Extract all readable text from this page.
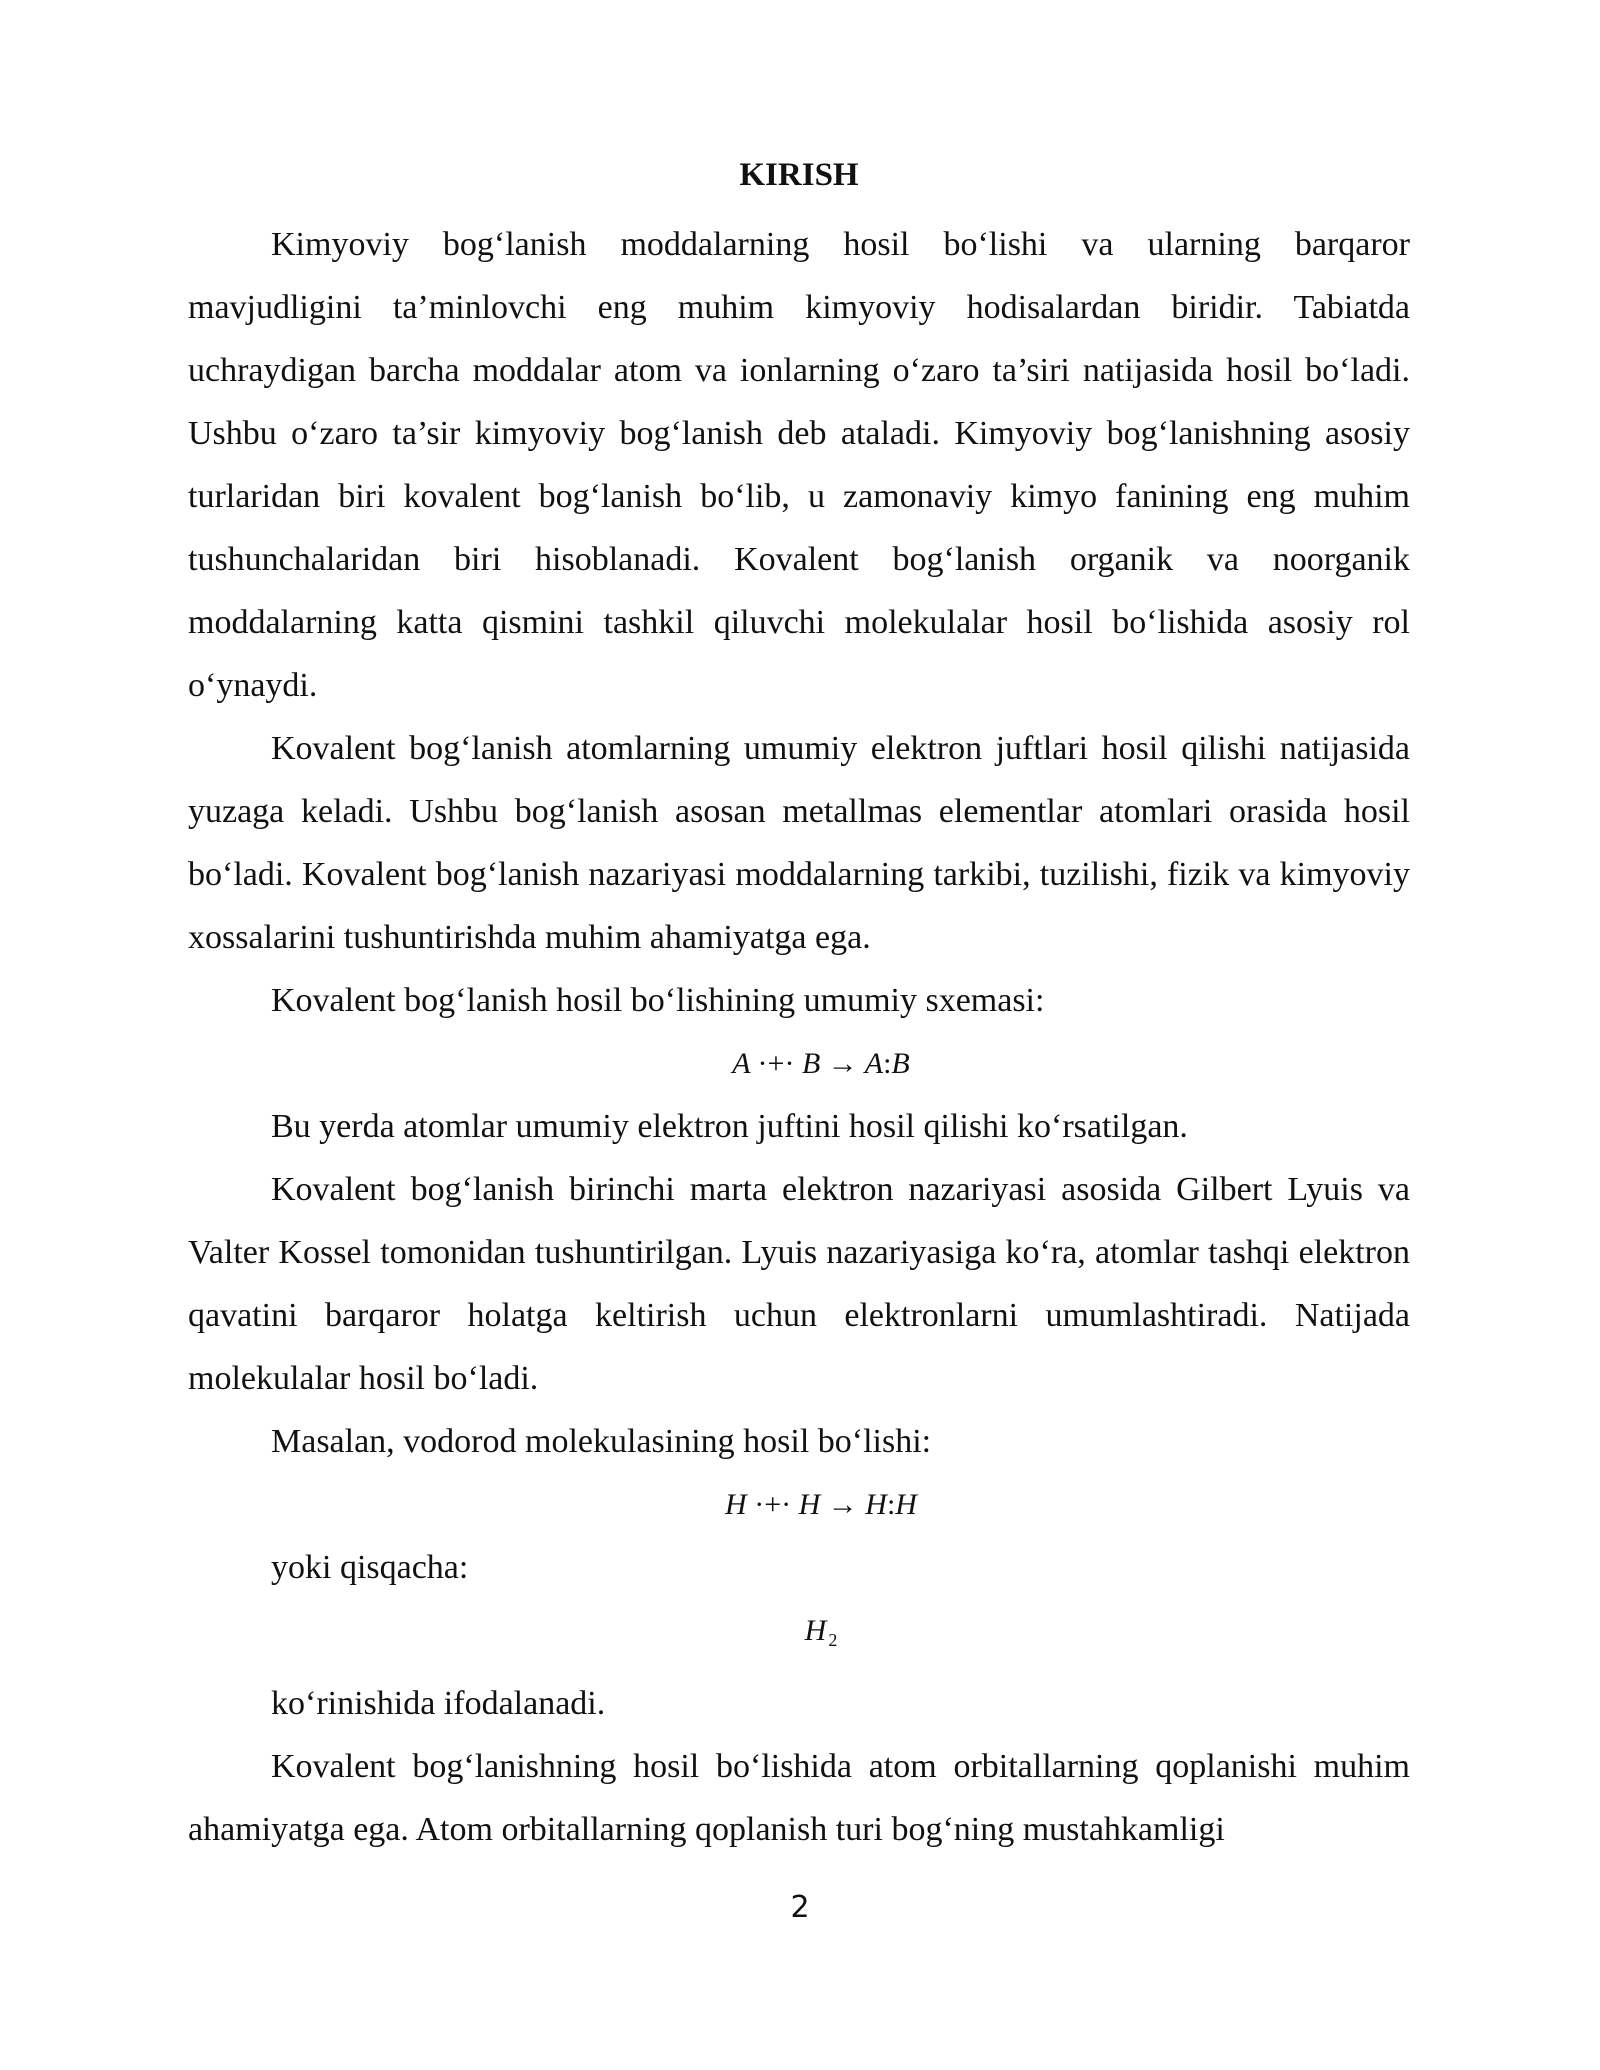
KIRISH

Kimyoviy bog‘lanish moddalarning hosil bo‘lishi va ularning barqaror mavjudligini ta’minlovchi eng muhim kimyoviy hodisalardan biridir. Tabiatda uchraydigan barcha moddalar atom va ionlarning o‘zaro ta’siri natijasida hosil bo‘ladi. Ushbu o‘zaro ta’sir kimyoviy bog‘lanish deb ataladi. Kimyoviy bog‘lanishning asosiy turlaridan biri kovalent bog‘lanish bo‘lib, u zamonaviy kimyo fanining eng muhim tushunchalaridan biri hisoblanadi. Kovalent bog‘lanish organik va noorganik moddalarning katta qismini tashkil qiluvchi molekulalar hosil bo‘lishida asosiy rol o‘ynaydi.

Kovalent bog‘lanish atomlarning umumiy elektron juftlari hosil qilishi natijasida yuzaga keladi. Ushbu bog‘lanish asosan metallmas elementlar atomlari orasida hosil bo‘ladi. Kovalent bog‘lanish nazariyasi moddalarning tarkibi, tuzilishi, fizik va kimyoviy xossalarini tushuntirishda muhim ahamiyatga ega.

Kovalent bog‘lanish hosil bo‘lishining umumiy sxemasi:

A ·+· B → A:B

Bu yerda atomlar umumiy elektron juftini hosil qilishi ko‘rsatilgan.

Kovalent bog‘lanish birinchi marta elektron nazariyasi asosida Gilbert Lyuis va Valter Kossel tomonidan tushuntirilgan. Lyuis nazariyasiga ko‘ra, atomlar tashqi elektron qavatini barqaror holatga keltirish uchun elektronlarni umumlashtiradi. Natijada molekulalar hosil bo‘ladi.

Masalan, vodorod molekulasining hosil bo‘lishi:

H ·+· H → H:H

yoki qisqacha:

H $_2$

ko‘rinishida ifodalanadi.

Kovalent bog‘lanishning hosil bo‘lishida atom orbitallarning qoplanishi muhim ahamiyatga ega. Atom orbitallarning qoplanish turi bog‘ning mustahkamligi

2
